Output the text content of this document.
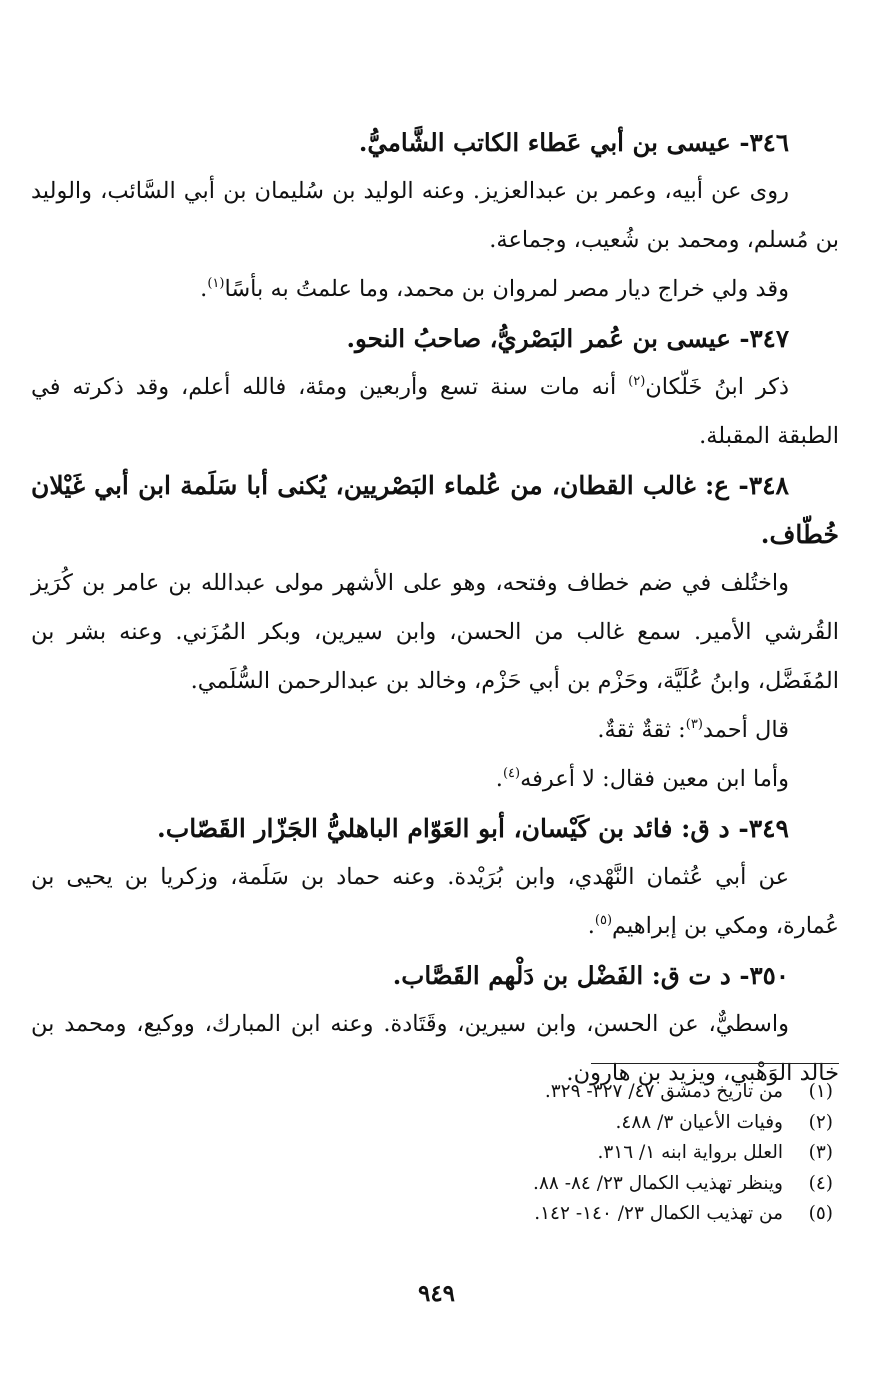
٣٤٦- عيسى بن أبي عَطاء الكاتب الشَّاميُّ.

روى عن أبيه، وعمر بن عبدالعزيز. وعنه الوليد بن سُليمان بن أبي السَّائب، والوليد بن مُسلم، ومحمد بن شُعيب، وجماعة.

وقد ولي خراج ديار مصر لمروان بن محمد، وما علمتُ به بأسًا$^{(١)}$.

٣٤٧- عيسى بن عُمر البَصْريُّ، صاحبُ النحو.

ذكر ابنُ خَلّكان$^{(٢)}$ أنه مات سنة تسع وأربعين ومئة، فالله أعلم، وقد ذكرته في الطبقة المقبلة.

٣٤٨- ع: غالب القطان، من عُلماء البَصْريين، يُكنى أبا سَلَمة ابن أبي غَيْلان خُطّاف.

واختُلف في ضم خطاف وفتحه، وهو على الأشهر مولى عبدالله بن عامر بن كُرَيز القُرشي الأمير. سمع غالب من الحسن، وابن سيرين، وبكر المُزَني. وعنه بشر بن المُفَضَّل، وابنُ عُلَيَّة، وحَزْم بن أبي حَزْم، وخالد بن عبدالرحمن السُّلَمي.

قال أحمد$^{(٣)}$: ثقةٌ ثقةٌ.

وأما ابن معين فقال: لا أعرفه$^{(٤)}$.

٣٤٩- د ق: فائد بن كَيْسان، أبو العَوّام الباهليُّ الجَزّار القَصّاب.

عن أبي عُثمان النَّهْدي، وابن بُرَيْدة. وعنه حماد بن سَلَمة، وزكريا بن يحيى بن عُمارة، ومكي بن إبراهيم$^{(٥)}$.

٣٥٠- د ت ق: الفَضْل بن دَلْهم القَصَّاب.

واسطيٌّ، عن الحسن، وابن سيرين، وقَتَادة. وعنه ابن المبارك، ووكيع، ومحمد بن خالد الوَهْبي، ويزيد بن هارون.

(١)
من تاريخ دمشق ٤٧/ ٣٢٧- ٣٢٩.
(٢)
وفيات الأعيان ٣/ ٤٨٨.
(٣)
العلل برواية ابنه ١/ ٣١٦.
(٤)
وينظر تهذيب الكمال ٢٣/ ٨٤- ٨٨.
(٥)
من تهذيب الكمال ٢٣/ ١٤٠- ١٤٢.
٩٤٩
